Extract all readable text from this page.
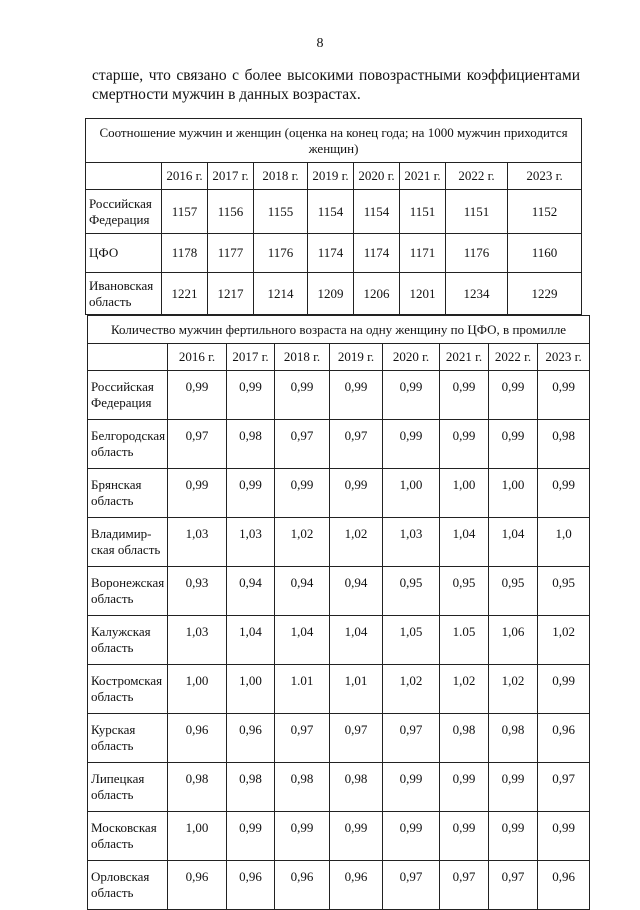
8
старше, что связано с более высокими повозрастными коэффициентами смертности мужчин в данных возрастах.
Соотношение мужчин и женщин (оценка на конец года; на 1000 мужчин приходится женщин)								
	2016 г.	2017 г.	2018 г.	2019 г.	2020 г.	2021 г.	2022 г.	2023 г.
Российская Федерация	1157	1156	1155	1154	1154	1151	1151	1152
ЦФО	1178	1177	1176	1174	1174	1171	1176	1160
Ивановская область	1221	1217	1214	1209	1206	1201	1234	1229
Количество мужчин фертильного возраста на одну женщину по ЦФО, в промилле								
	2016 г.	2017 г.	2018 г.	2019 г.	2020 г.	2021 г.	2022 г.	2023 г.
Российская Федерация	0,99	0,99	0,99	0,99	0,99	0,99	0,99	0,99
Белгородская область	0,97	0,98	0,97	0,97	0,99	0,99	0,99	0,98
Брянская область	0,99	0,99	0,99	0,99	1,00	1,00	1,00	0,99
Владимир-ская область	1,03	1,03	1,02	1,02	1,03	1,04	1,04	1,0
Воронежская область	0,93	0,94	0,94	0,94	0,95	0,95	0,95	0,95
Калужская область	1,03	1,04	1,04	1,04	1,05	1.05	1,06	1,02
Костромская область	1,00	1,00	1.01	1,01	1,02	1,02	1,02	0,99
Курская область	0,96	0,96	0,97	0,97	0,97	0,98	0,98	0,96
Липецкая область	0,98	0,98	0,98	0,98	0,99	0,99	0,99	0,97
Московская область	1,00	0,99	0,99	0,99	0,99	0,99	0,99	0,99
Орловская область	0,96	0,96	0,96	0,96	0,97	0,97	0,97	0,96
